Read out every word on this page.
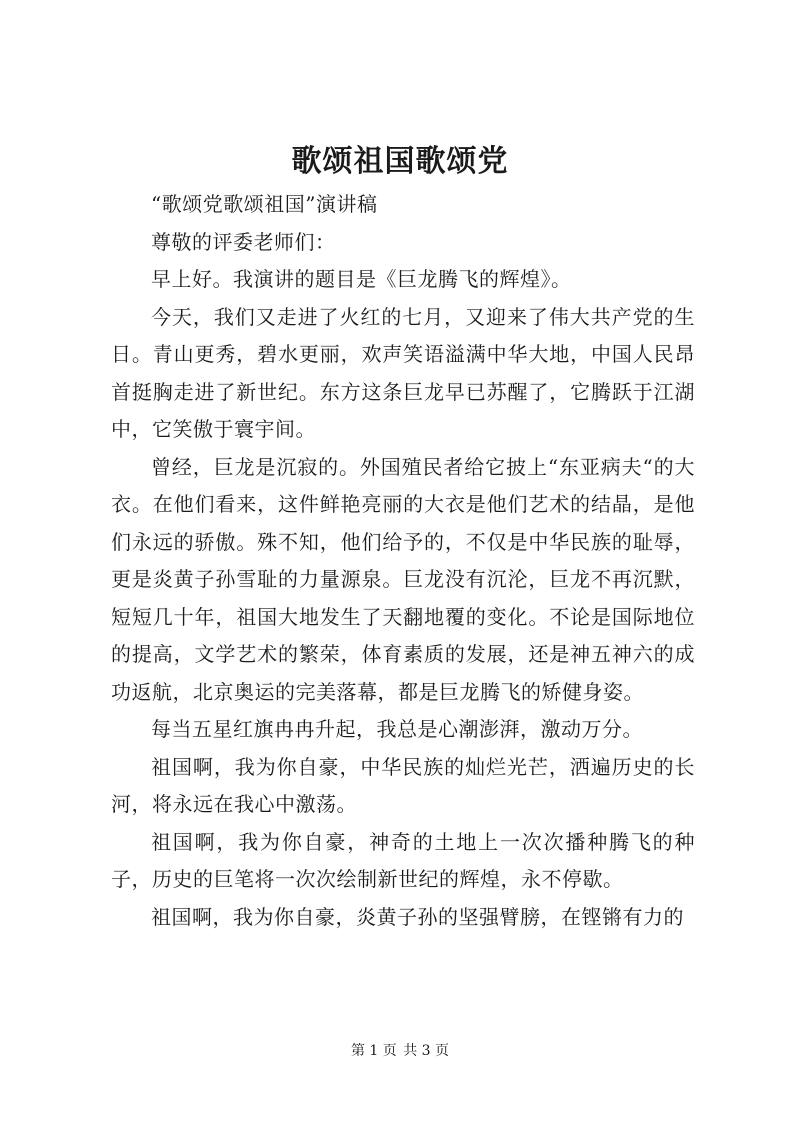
歌颂祖国歌颂党

“歌颂党歌颂祖国”演讲稿

尊敬的评委老师们：

早上好。我演讲的题目是《巨龙腾飞的辉煌》。

今天，我们又走进了火红的七月，又迎来了伟大共产党的生日。青山更秀，碧水更丽，欢声笑语溢满中华大地，中国人民昂首挺胸走进了新世纪。东方这条巨龙早已苏醒了，它腾跃于江湖中，它笑傲于寰宇间。

曾经，巨龙是沉寂的。外国殖民者给它披上“东亚病夫“的大衣。在他们看来，这件鲜艳亮丽的大衣是他们艺术的结晶，是他们永远的骄傲。殊不知，他们给予的，不仅是中华民族的耻辱，更是炎黄子孙雪耻的力量源泉。巨龙没有沉沦，巨龙不再沉默，短短几十年，祖国大地发生了天翻地覆的变化。不论是国际地位的提高，文学艺术的繁荣，体育素质的发展，还是神五神六的成功返航，北京奥运的完美落幕，都是巨龙腾飞的矫健身姿。

每当五星红旗冉冉升起，我总是心潮澎湃，激动万分。

祖国啊，我为你自豪，中华民族的灿烂光芒，洒遍历史的长河，将永远在我心中激荡。

祖国啊，我为你自豪，神奇的土地上一次次播种腾飞的种子，历史的巨笔将一次次绘制新世纪的辉煌，永不停歇。

祖国啊，我为你自豪，炎黄子孙的坚强臂膀，在铿锵有力的

第 1 页 共 3 页
